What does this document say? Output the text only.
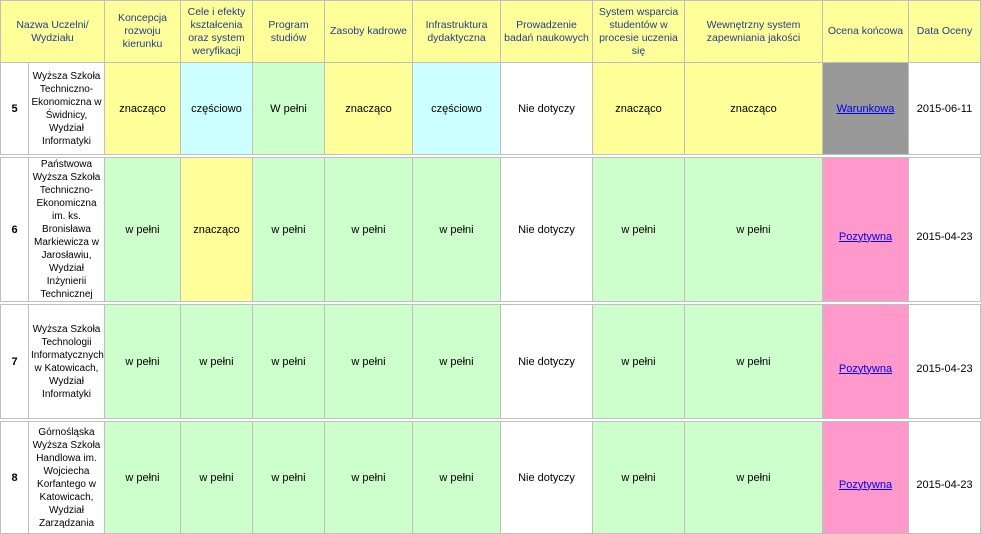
Nazwa Uczelni/ Wydziału		Koncepcja rozwoju kierunku	Cele i efekty kształcenia oraz system weryfikacji	Program studiów	Zasoby kadrowe	Infrastruktura dydaktyczna	Prowadzenie badań naukowych	System wsparcia studentów w procesie uczenia się	Wewnętrzny system zapewniania jakości	Ocena końcowa	Data Oceny
5	Wyższa Szkoła Techniczno-Ekonomiczna w Świdnicy, Wydział Informatyki	znacząco	częściowo	W pełni	znacząco	częściowo	Nie dotyczy	znacząco	znacząco	Warunkowa	2015-06-11

6	Państwowa Wyższa Szkoła Techniczno-Ekonomiczna im. ks. Bronisława Markiewicza w Jarosławiu, Wydział Inżynierii Technicznej	w pełni	znacząco	w pełni	w pełni	w pełni	Nie dotyczy	w pełni	w pełni	Pozytywna	2015-04-23

7	Wyższa Szkoła Technologii Informatycznych w Katowicach, Wydział Informatyki	w pełni	w pełni	w pełni	w pełni	w pełni	Nie dotyczy	w pełni	w pełni	Pozytywna	2015-04-23

8	Górnośląska Wyższa Szkoła Handlowa im. Wojciecha Korfantego w Katowicach, Wydział Zarządzania	w pełni	w pełni	w pełni	w pełni	w pełni	Nie dotyczy	w pełni	w pełni	Pozytywna	2015-04-23
